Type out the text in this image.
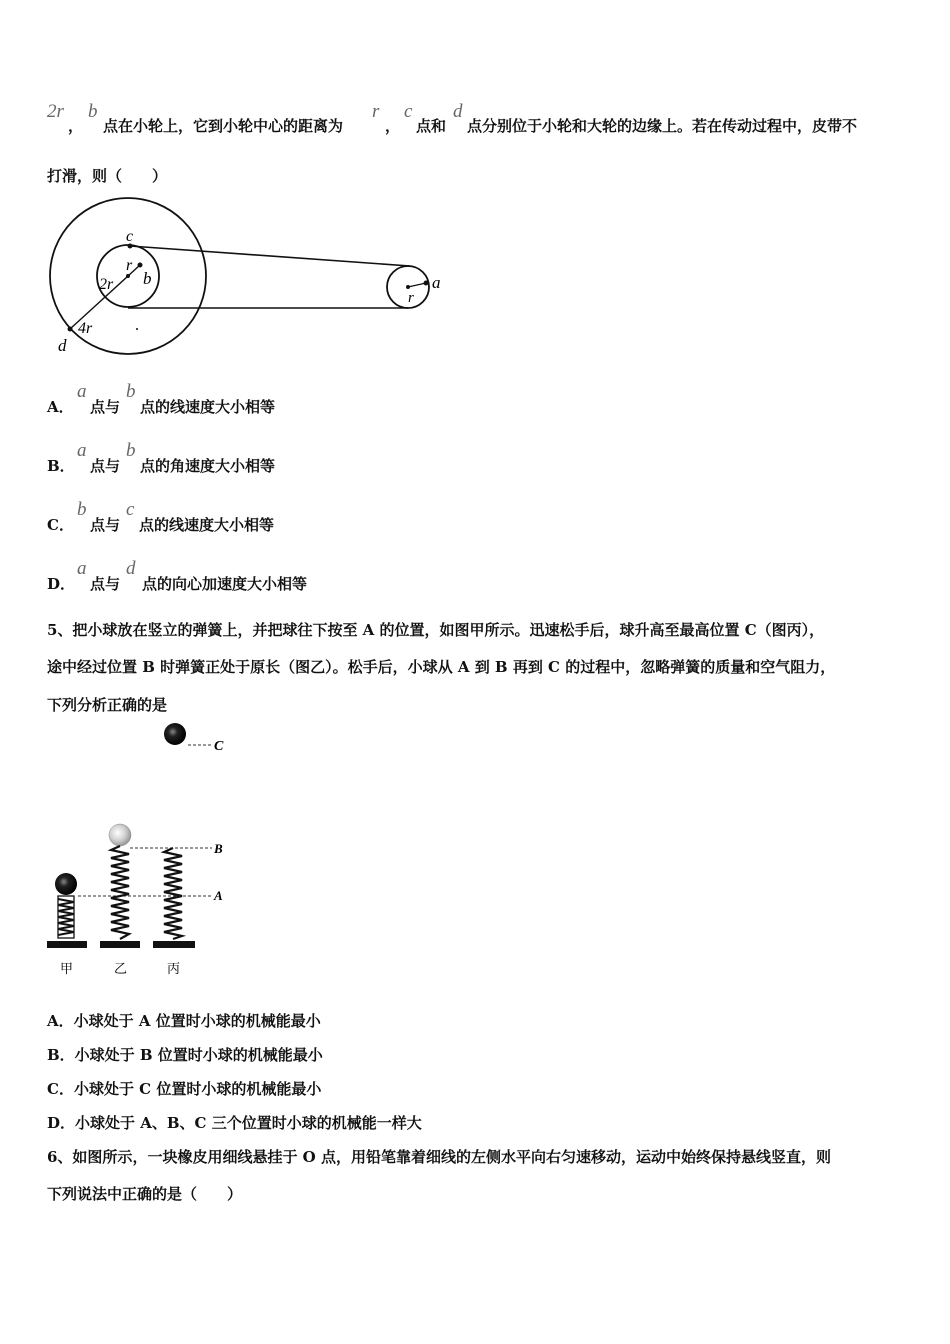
2r
，
b
点在小轮上，它到小轮中心的距离为
r
，
c
点和
d
点分别位于小轮和大轮的边缘上。若在传动过程中，皮带不
打滑，则（　　）
c
r
b
2r
4r
d
a
r
A．
a
点与
b
点的线速度大小相等
B．
a
点与
b
点的角速度大小相等
C．
b
点与
c
点的线速度大小相等
D．
a
点与
d
点的向心加速度大小相等
5、把小球放在竖立的弹簧上，并把球往下按至 A 的位置，如图甲所示。迅速松手后，球升高至最高位置 C（图丙），
途中经过位置 B 时弹簧正处于原长（图乙）。松手后，小球从 A 到 B 再到 C 的过程中，忽略弹簧的质量和空气阻力，
下列分析正确的是
C
B
A
甲	乙	丙
A．小球处于 A 位置时小球的机械能最小
B．小球处于 B 位置时小球的机械能最小
C．小球处于 C 位置时小球的机械能最小
D．小球处于 A、B、C 三个位置时小球的机械能一样大
6、如图所示，一块橡皮用细线悬挂于 O 点，用铅笔靠着细线的左侧水平向右匀速移动，运动中始终保持悬线竖直，则
下列说法中正确的是（　　）
